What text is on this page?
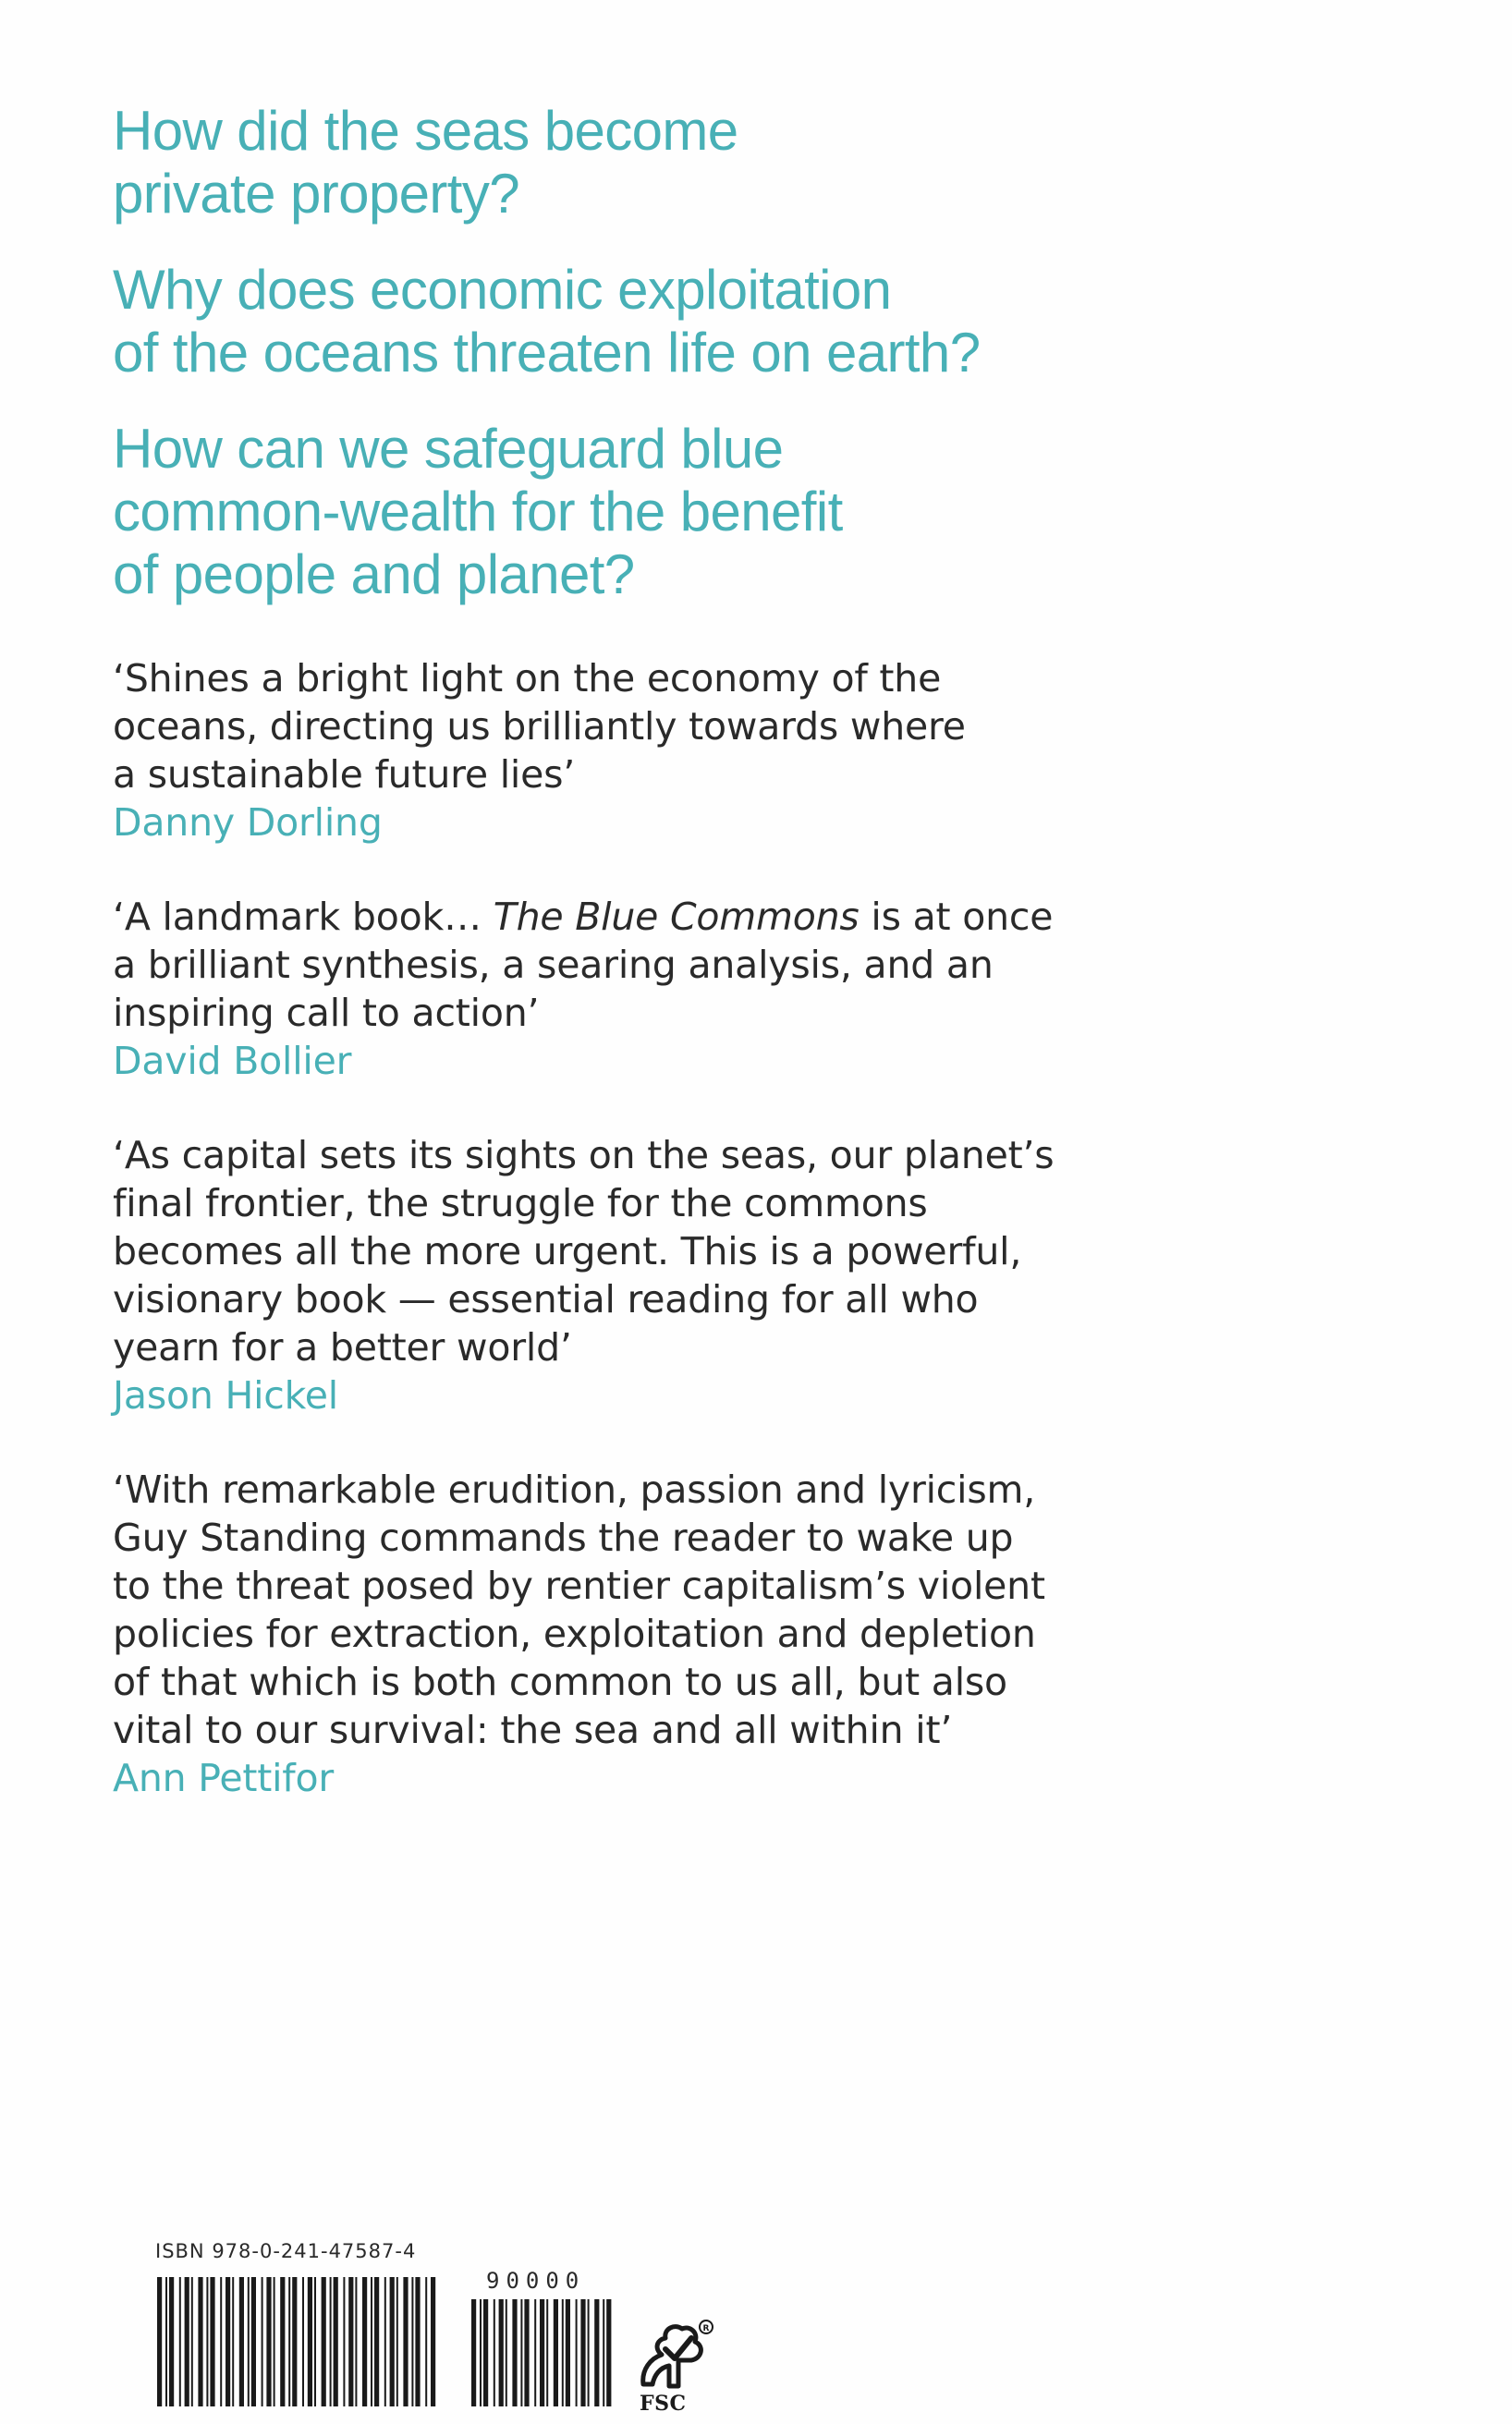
How did the seas become
private property?
Why does economic exploitation
of the oceans threaten life on earth?
How can we safeguard blue
common-wealth for the benefit
of people and planet?
‘Shines a bright light on the economy of the
oceans, directing us brilliantly towards where
a sustainable future lies’
Danny Dorling
‘A landmark book… The Blue Commons is at once
a brilliant synthesis, a searing analysis, and an
inspiring call to action’
David Bollier
‘As capital sets its sights on the seas, our planet’s
final frontier, the struggle for the commons
becomes all the more urgent. This is a powerful,
visionary book — essential reading for all who
yearn for a better world’
Jason Hickel
‘With remarkable erudition, passion and lyricism,
Guy Standing commands the reader to wake up
to the threat posed by rentier capitalism’s violent
policies for extraction, exploitation and depletion
of that which is both common to us all, but also
vital to our survival: the sea and all within it’
Ann Pettifor
ISBN 978-0-241-47587-4
90000
R
FSC
